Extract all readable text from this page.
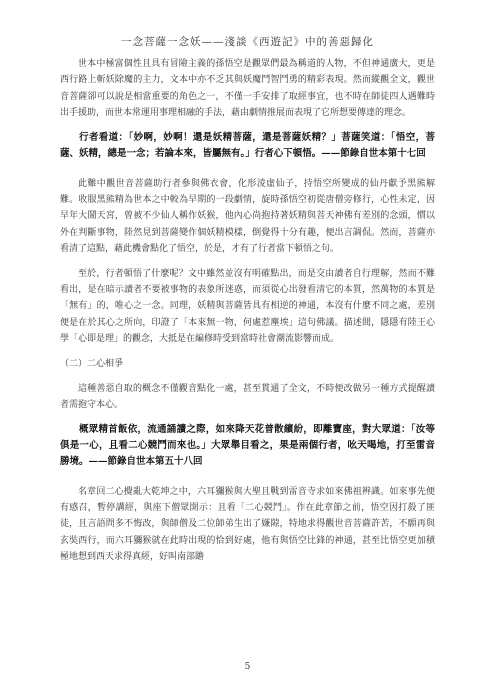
一念菩薩一念妖——淺談《西遊記》中的善惡歸化

世本中極富個性且具有冒險主義的孫悟空是觀眾們最為稱道的人物，不但神通廣大，更是西行路上斬妖除魔的主力，文本中亦不乏其與妖魔鬥智鬥勇的精彩表現。然而縱觀全文，觀世音菩薩卻可以說是相當重要的角色之一，不僅一手安排了取經事宜，也不時在師徒四人遇難時出手援助，而世本常運用事理相融的手法，藉由劇情推展而表現了它所想要傳達的理念。

行者看道：「妙啊，妙啊！還是妖精菩薩，還是菩薩妖精？」菩薩笑道：「悟空，菩薩、妖精，總是一念；若論本來，皆屬無有。」行者心下頓悟。——節錄自世本第十七回

此難中觀世音菩薩助行者參與佛衣會，化形淩虛仙子，持悟空所變成的仙丹獻予黑熊解難。收服黑熊精為世本之中較為早期的一段劇情，旋時孫悟空初從唐僧旁修行，心性未定，因早年大鬧天宮，曾被不少仙人稱作妖猴，他內心尚抱持著妖精與菩天神佛有差別的念頭，慣以外在判斷事物，陸然見到菩薩變作個妖精模樣，倒覺得十分有趣，便出言調侃。然而，菩薩亦看清了這點，藉此機會點化了悟空，於是，才有了行者當下頓悟之句。

至於，行者頓悟了什麼呢？文中雖然並沒有明確點出，而是交由讀者自行理解，然而不難看出，是在暗示讀者不要被事物的表象所迷惑，而須從心出發看清它的本質，然萬物的本質是「無有」的，唯心之一念。同理，妖精與菩薩皆具有相逆的神通，本沒有什麼不同之處，差別便是在於其心之所向，印證了「本來無一物，何處惹塵埃」這句佛議。描述間，隱隱有陸王心學「心即是理」的觀念，大抵是在編修時受到當時社會潮流影響而成。

（二）二心相爭

這種善惡自取的概念不僅觀音點化一處，甚至貫通了全文，不時便改做另一種方式提醒讀者需抱守本心。

概眾精首飯依，流通誦讀之際，如來降天花普散繽紛，即離寶座，對大眾道：「汝等俱是一心，且看二心競鬥而來也。」大眾舉目看之，果是兩個行者，吆天喝地，打至雷音勝境。——節錄自世本第五十八回

名章回二心攪亂大乾坤之中，六耳獼猴與大聖且戰到雷音寺求如來佛祖辨識。如來事先便有感召，暫停講經，與座下僧眾開示：且看「二心競鬥」。作在此章節之前，悟空因打殺了匪徒，且言語問多不悔改，與師僧及二位師弟生出了嫌隙，特地求得觀世音菩薩許苦，不願再與玄奘西行，而六耳獼猴就在此時出現的恰到好處，他有與悟空比鋒的神通，甚至比悟空更加積極地想到西天求得真經，好叫南部贍

5
